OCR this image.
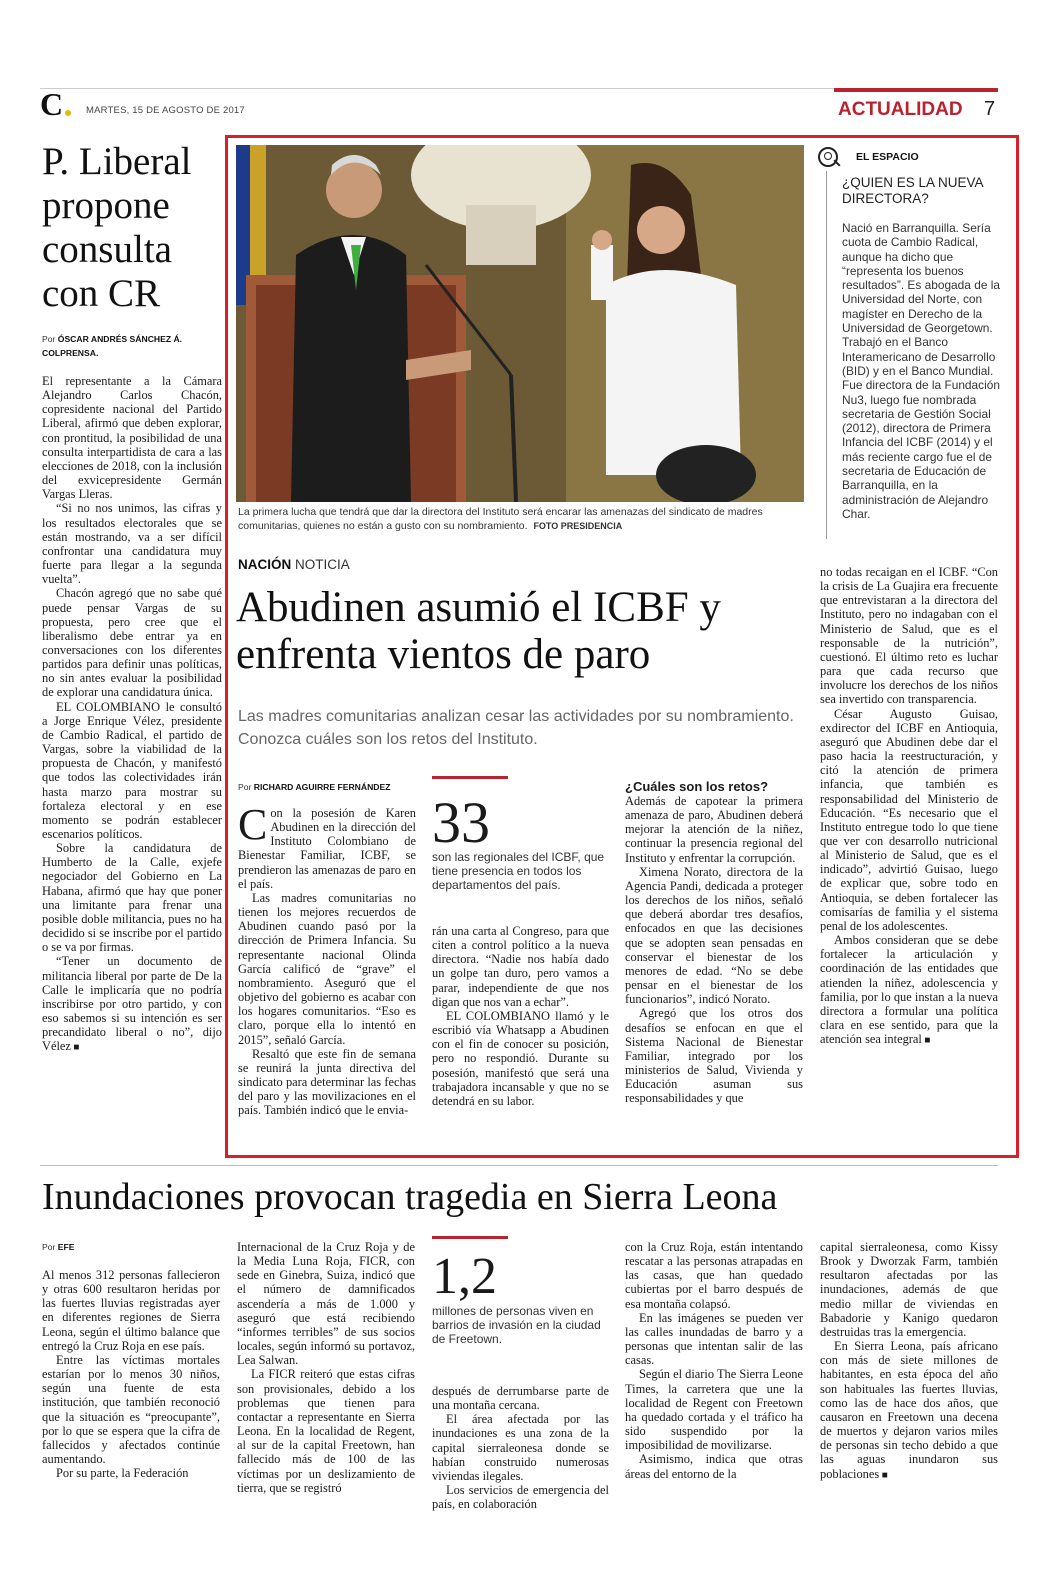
C MARTES, 15 DE AGOSTO DE 2017	ACTUALIDAD 7
P. Liberal propone consulta con CR
Por ÓSCAR ANDRÉS SÁNCHEZ Á. COLPRENSA.

El representante a la Cámara Alejandro Carlos Chacón, copresidente nacional del Partido Liberal, afirmó que deben explorar, con prontitud, la posibilidad de una consulta interpartidista de cara a las elecciones de 2018, con la inclusión del exvicepresidente Germán Vargas Lleras.

“Si no nos unimos, las cifras y los resultados electorales que se están mostrando, va a ser difícil confrontar una candidatura muy fuerte para llegar a la segunda vuelta”.

Chacón agregó que no sabe qué puede pensar Vargas de su propuesta, pero cree que el liberalismo debe entrar ya en conversaciones con los diferentes partidos para definir unas políticas, no sin antes evaluar la posibilidad de explorar una candidatura única.

EL COLOMBIANO le consultó a Jorge Enrique Vélez, presidente de Cambio Radical, el partido de Vargas, sobre la viabilidad de la propuesta de Chacón, y manifestó que todos las colectividades irán hasta marzo para mostrar su fortaleza electoral y en ese momento se podrán establecer escenarios políticos.

Sobre la candidatura de Humberto de la Calle, exjefe negociador del Gobierno en La Habana, afirmó que hay que poner una limitante para frenar una posible doble militancia, pues no ha decidido si se inscribe por el partido o se va por firmas.

“Tener un documento de militancia liberal por parte de De la Calle le implicaría que no podría inscribirse por otro partido, y con eso sabemos si su intención es ser precandidato liberal o no”, dijo Vélez ■

La primera lucha que tendrá que dar la directora del Instituto será encarar las amenazas del sindicato de madres comunitarias, quienes no están a gusto con su nombramiento. FOTO PRESIDENCIA
EL ESPACIO
¿QUIEN ES LA NUEVA DIRECTORA?
Nació en Barranquilla. Sería cuota de Cambio Radical, aunque ha dicho que “representa los buenos resultados”. Es abogada de la Universidad del Norte, con magíster en Derecho de la Universidad de Georgetown. Trabajó en el Banco Interamericano de Desarrollo (BID) y en el Banco Mundial. Fue directora de la Fundación Nu3, luego fue nombrada secretaria de Gestión Social (2012), directora de Primera Infancia del ICBF (2014) y el más reciente cargo fue el de secretaria de Educación de Barranquilla, en la administración de Alejandro Char.
NACIÓN NOTICIA
Abudinen asumió el ICBF y enfrenta vientos de paro
Las madres comunitarias analizan cesar las actividades por su nombramiento. Conozca cuáles son los retos del Instituto.
Por RICHARD AGUIRRE FERNÁNDEZ

Con la posesión de Karen Abudinen en la dirección del Instituto Colombiano de Bienestar Familiar, ICBF, se prendieron las amenazas de paro en el país.

Las madres comunitarias no tienen los mejores recuerdos de Abudinen cuando pasó por la dirección de Primera Infancia. Su representante nacional Olinda García calificó de “grave” el nombramiento. Aseguró que el objetivo del gobierno es acabar con los hogares comunitarios. “Eso es claro, porque ella lo intentó en 2015”, señaló García.

Resaltó que este fin de semana se reunirá la junta directiva del sindicato para determinar las fechas del paro y las movilizaciones en el país. También indicó que le envia-

33
son las regionales del ICBF, que tiene presencia en todos los departamentos del país.

rán una carta al Congreso, para que citen a control político a la nueva directora. “Nadie nos había dado un golpe tan duro, pero vamos a parar, independiente de que nos digan que nos van a echar”.

EL COLOMBIANO llamó y le escribió vía Whatsapp a Abudinen con el fin de conocer su posición, pero no respondió. Durante su posesión, manifestó que será una trabajadora incansable y que no se detendrá en su labor.

¿Cuáles son los retos?

Además de capotear la primera amenaza de paro, Abudinen deberá mejorar la atención de la niñez, continuar la presencia regional del Instituto y enfrentar la corrupción.

Ximena Norato, directora de la Agencia Pandi, dedicada a proteger los derechos de los niños, señaló que deberá abordar tres desafíos, enfocados en que las decisiones que se adopten sean pensadas en conservar el bienestar de los menores de edad. “No se debe pensar en el bienestar de los funcionarios”, indicó Norato.

Agregó que los otros dos desafíos se enfocan en que el Sistema Nacional de Bienestar Familiar, integrado por los ministerios de Salud, Vivienda y Educación asuman sus responsabilidades y que

no todas recaigan en el ICBF. “Con la crisis de La Guajira era frecuente que entrevistaran a la directora del Instituto, pero no indagaban con el Ministerio de Salud, que es el responsable de la nutrición”, cuestionó. El último reto es luchar para que cada recurso que involucre los derechos de los niños sea invertido con transparencia.

César Augusto Guisao, exdirector del ICBF en Antioquia, aseguró que Abudinen debe dar el paso hacia la reestructuración, y citó la atención de primera infancia, que también es responsabilidad del Ministerio de Educación. “Es necesario que el Instituto entregue todo lo que tiene que ver con desarrollo nutricional al Ministerio de Salud, que es el indicado”, advirtió Guisao, luego de explicar que, sobre todo en Antioquia, se deben fortalecer las comisarías de familia y el sistema penal de los adolescentes.

Ambos consideran que se debe fortalecer la articulación y coordinación de las entidades que atienden la niñez, adolescencia y familia, por lo que instan a la nueva directora a formular una política clara en ese sentido, para que la atención sea integral ■

Inundaciones provocan tragedia en Sierra Leona
Por EFE

Al menos 312 personas fallecieron y otras 600 resultaron heridas por las fuertes lluvias registradas ayer en diferentes regiones de Sierra Leona, según el último balance que entregó la Cruz Roja en ese país.

Entre las víctimas mortales estarían por lo menos 30 niños, según una fuente de esta institución, que también reconoció que la situación es “preocupante”, por lo que se espera que la cifra de fallecidos y afectados continúe aumentando.

Por su parte, la Federación

Internacional de la Cruz Roja y de la Media Luna Roja, FICR, con sede en Ginebra, Suiza, indicó que el número de damnificados ascendería a más de 1.000 y aseguró que está recibiendo “informes terribles” de sus socios locales, según informó su portavoz, Lea Salwan.

La FICR reiteró que estas cifras son provisionales, debido a los problemas que tienen para contactar a representante en Sierra Leona. En la localidad de Regent, al sur de la capital Freetown, han fallecido más de 100 de las víctimas por un deslizamiento de tierra, que se registró

1,2
millones de personas viven en barrios de invasión en la ciudad de Freetown.

después de derrumbarse parte de una montaña cercana.

El área afectada por las inundaciones es una zona de la capital sierraleonesa donde se habían construido numerosas viviendas ilegales.

Los servicios de emergencia del país, en colaboración

con la Cruz Roja, están intentando rescatar a las personas atrapadas en las casas, que han quedado cubiertas por el barro después de esa montaña colapsó.

En las imágenes se pueden ver las calles inundadas de barro y a personas que intentan salir de las casas.

Según el diario The Sierra Leone Times, la carretera que une la localidad de Regent con Freetown ha quedado cortada y el tráfico ha sido suspendido por la imposibilidad de movilizarse.

Asimismo, indica que otras áreas del entorno de la

capital sierraleonesa, como Kissy Brook y Dworzak Farm, también resultaron afectadas por las inundaciones, además de que medio millar de viviendas en Babadorie y Kanigo quedaron destruidas tras la emergencia.

En Sierra Leona, país africano con más de siete millones de habitantes, en esta época del año son habituales las fuertes lluvias, como las de hace dos años, que causaron en Freetown una decena de muertos y dejaron varios miles de personas sin techo debido a que las aguas inundaron sus poblaciones ■
